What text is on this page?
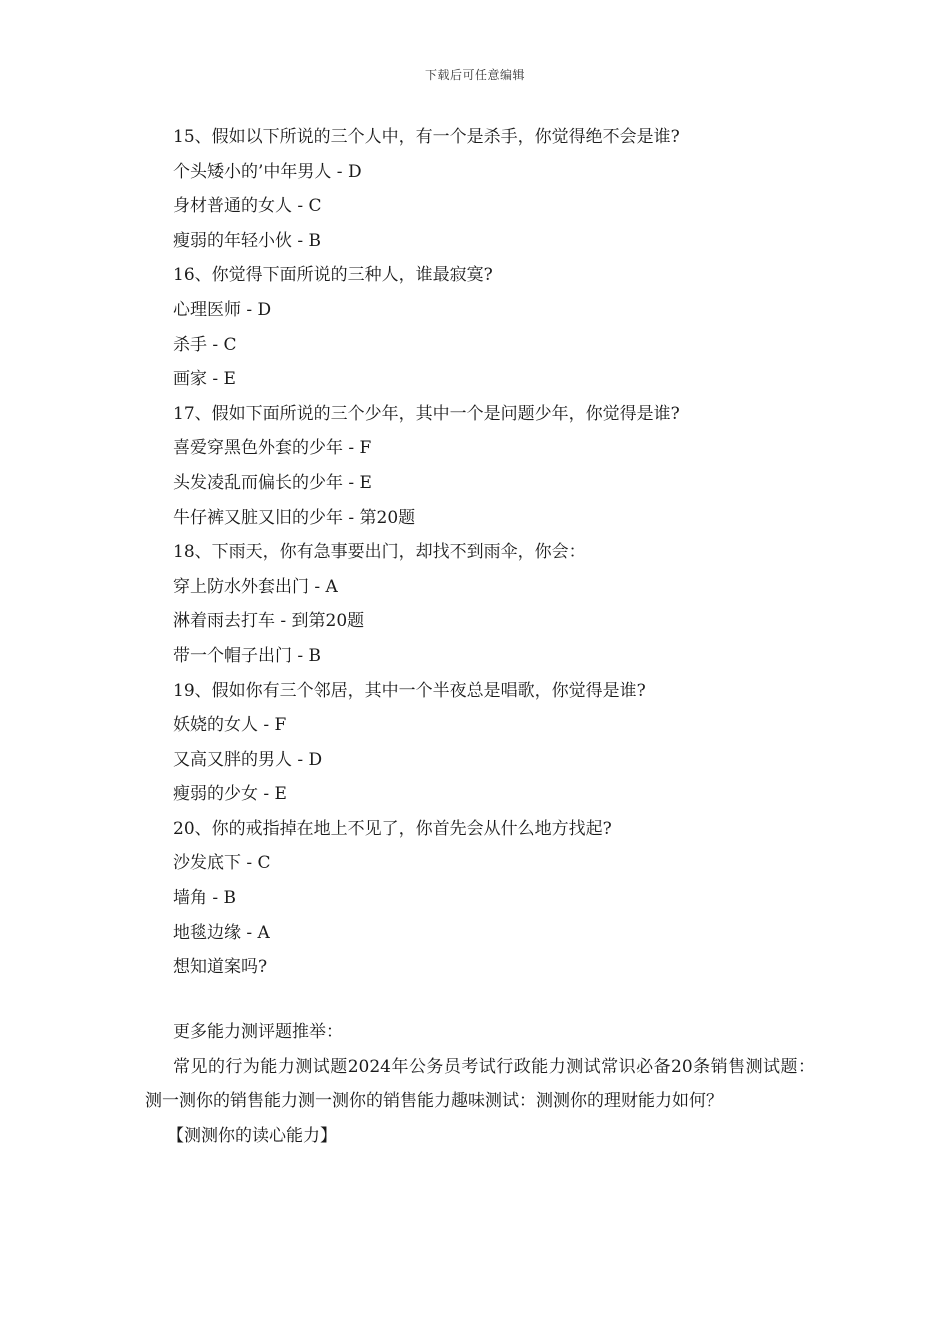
下载后可任意编辑
15、假如以下所说的三个人中，有一个是杀手，你觉得绝不会是谁?
个头矮小的’中年男人 - D
身材普通的女人 - C
瘦弱的年轻小伙 - B
16、你觉得下面所说的三种人，谁最寂寞?
心理医师 - D
杀手 - C
画家 - E
17、假如下面所说的三个少年，其中一个是问题少年，你觉得是谁?
喜爱穿黑色外套的少年 - F
头发凌乱而偏长的少年 - E
牛仔裤又脏又旧的少年 - 第20题
18、下雨天，你有急事要出门，却找不到雨伞，你会：
穿上防水外套出门 - A
淋着雨去打车 - 到第20题
带一个帽子出门 - B
19、假如你有三个邻居，其中一个半夜总是唱歌，你觉得是谁?
妖娆的女人 - F
又高又胖的男人 - D
瘦弱的少女 - E
20、你的戒指掉在地上不见了，你首先会从什么地方找起?
沙发底下 - C
墙角 - B
地毯边缘 - A
想知道案吗?
更多能力测评题推举：
常见的行为能力测试题2024年公务员考试行政能力测试常识必备20条销售测试题：测一测你的销售能力测一测你的销售能力趣味测试：测测你的理财能力如何？
【测测你的读心能力】
